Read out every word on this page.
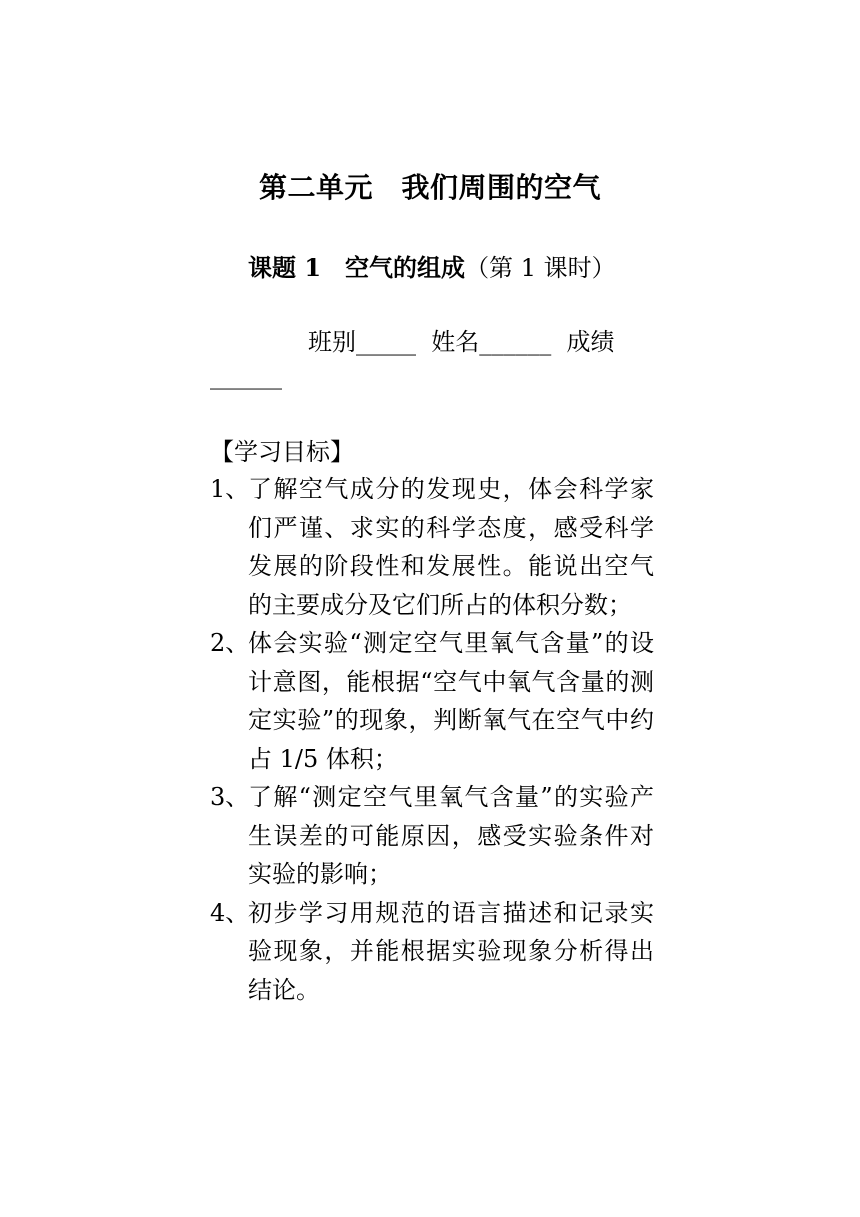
第二单元　我们周围的空气
课题 1　空气的组成（第 1 课时）
班别_____  姓名______  成绩
______
【学习目标】
1、
了解空气成分的发现史，体会科学家们严谨、求实的科学态度，感受科学发展的阶段性和发展性。能说出空气的主要成分及它们所占的体积分数；
2、
体会实验“测定空气里氧气含量”的设计意图，能根据“空气中氧气含量的测定实验”的现象，判断氧气在空气中约占 1/5 体积；
3、
了解“测定空气里氧气含量”的实验产生误差的可能原因，感受实验条件对实验的影响；
4、
初步学习用规范的语言描述和记录实验现象，并能根据实验现象分析得出结论。
